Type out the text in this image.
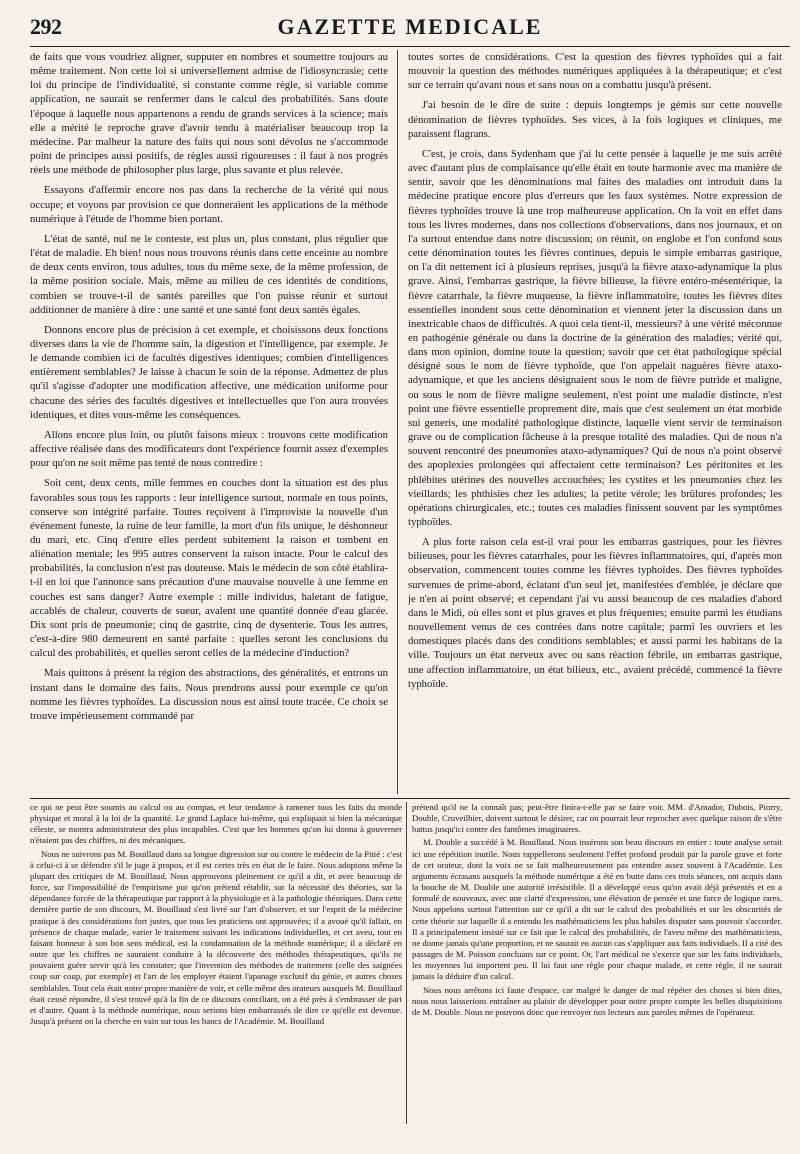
292	GAZETTE MEDICALE

de faits que vous voudriez aligner, supputer en nombres et soumettre toujours au même traitement. Non cette loi si universellement admise de l'idiosyncrasie; cette loi du principe de l'individualité, si constante comme règle, si variable comme application, ne saurait se renfermer dans le calcul des probabilités. Sans doute l'époque à laquelle nous appartenons a rendu de grands services à la science; mais elle a mérité le reproche grave d'avoir tendu à matérialiser beaucoup trop la médecine. Par malheur la nature des faits qui nous sont dévolus ne s'accommode point de principes aussi positifs, de règles aussi rigoureuses : il faut à nos progrès réels une méthode de philosopher plus large, plus savante et plus relevée.

Essayons d'affermir encore nos pas dans la recherche de la vérité qui nous occupe; et voyons par provision ce que donneraient les applications de la méthode numérique à l'étude de l'homme bien portant.

L'état de santé, nul ne le conteste, est plus un, plus constant, plus régulier que l'état de maladie. Eh bien! nous nous trouvons réunis dans cette enceinte au nombre de deux cents environ, tous adultes, tous du même sexe, de la même profession, de la même position sociale. Mais, même au milieu de ces identités de conditions, combien se trouve-t-il de santés pareilles que l'on puisse réunir et surtout additionner de manière à dire : une santé et une santé font deux santés égales.

Donnons encore plus de précision à cet exemple, et choisissons deux fonctions diverses dans la vie de l'homme sain, la digestion et l'intelligence, par exemple. Je le demande combien ici de facultés digestives identiques; combien d'intelligences entièrement semblables? Je laisse à chacun le soin de la réponse. Admettez de plus qu'il s'agisse d'adopter une modification affective, une médication uniforme pour chacune des séries des facultés digestives et intellectuelles que l'on aura trouvées identiques, et dites vous-même les conséquences.

Allons encore plus loin, ou plutôt faisons mieux : trouvons cette modification affective réalisée dans des modificateurs dont l'expérience fournit assez d'exemples pour qu'on ne soit même pas tenté de nous contredire :

Soit cent, deux cents, mille femmes en couches dont la situation est des plus favorables sous tous les rapports : leur intelligence surtout, normale en tous points, conserve son intégrité parfaite. Toutes reçoivent à l'improviste la nouvelle d'un événement funeste, la ruine de leur famille, la mort d'un fils unique, le déshonneur du mari, etc. Cinq d'entre elles perdent subitement la raison et tombent en aliénation mentale; les 995 autres conservent la raison intacte. Pour le calcul des probabilités, la conclusion n'est pas douteuse. Mais le médecin de son côté établira-t-il en loi que l'annonce sans précaution d'une mauvaise nouvelle à une femme en couches est sans danger? Autre exemple : mille individus, haletant de fatigue, accablés de chaleur, couverts de sueur, avalent une quantité donnée d'eau glacée. Dix sont pris de pneumonie; cinq de gastrite, cinq de dysenterie. Tous les autres, c'est-à-dire 980 demeurent en santé parfaite : quelles seront les conclusions du calcul des probabilités, et quelles seront celles de la médecine d'induction?

Mais quittons à présent la région des abstractions, des généralités, et entrons un instant dans le domaine des faits. Nous prendrons aussi pour exemple ce qu'on nomme les fièvres typhoïdes. La discussion nous est ainsi toute tracée. Ce choix se trouve impérieusement commandé par

toutes sortes de considérations. C'est la question des fièvres typhoïdes qui a fait mouvoir la question des méthodes numériques appliquées à la thérapeutique; et c'est sur ce terrain qu'avant nous et sans nous on a combattu jusqu'à présent.

J'ai besoin de le dire de suite : depuis longtemps je gémis sur cette nouvelle dénomination de fièvres typhoïdes. Ses vices, à la fois logiques et cliniques, me paraissent flagrans.

C'est, je crois, dans Sydenham que j'ai lu cette pensée à laquelle je me suis arrêté avec d'autant plus de complaisance qu'elle était en toute harmonie avec ma manière de sentir, savoir que les dénominations mal faites des maladies ont introduit dans la médecine pratique encore plus d'erreurs que les faux systèmes. Notre expression de fièvres typhoïdes trouve là une trop malheureuse application. On la voit en effet dans tous les livres modernes, dans nos collections d'observations, dans nos journaux, et on l'a surtout entendue dans notre discussion; on réunit, on englobe et l'on confond sous cette dénomination toutes les fièvres continues, depuis le simple embarras gastrique, on l'a dit nettement ici à plusieurs reprises, jusqu'à la fièvre ataxo-adynamique la plus grave. Ainsi, l'embarras gastrique, la fièvre bilieuse, la fièvre entéro-mésentérique, la fièvre catarrhale, la fièvre muqueuse, la fièvre inflammatoire, toutes les fièvres dites essentielles inondent sous cette dénomination et viennent jeter la discussion dans un inextricable chaos de difficultés. A quoi cela tient-il, messieurs? à une vérité méconnue en pathogénie générale ou dans la doctrine de la génération des maladies; vérité qui, dans mon opinion, domine toute la question; savoir que cet état pathologique spécial désigné sous le nom de fièvre typhoïde, que l'on appelait naguères fièvre ataxo-adynamique, et que les anciens désignaient sous le nom de fièvre putride et maligne, ou sous le nom de fièvre maligne seulement, n'est point une maladie distincte, n'est point une fièvre essentielle proprement dite, mais que c'est seulement un état morbide sui generis, une modalité pathologique distincte, laquelle vient servir de terminaison grave ou de complication fâcheuse à la presque totalité des maladies. Qui de nous n'a souvent rencontré des pneumonies ataxo-adynamiques? Qui de nous n'a point observé des apoplexies prolongées qui affectaient cette terminaison? Les péritonites et les phlébites utérines des nouvelles accouchées; les cystites et les pneumonies chez les vieillards; les phthisies chez les adultes; la petite vérole; les brûlures profondes; les opérations chirurgicales, etc.; toutes ces maladies finissent souvent par les symptômes typhoïdes.

A plus forte raison cela est-il vrai pour les embarras gastriques, pour les fièvres bilieuses, pour les fièvres catarrhales, pour les fièvres inflammatoires, qui, d'après mon observation, commencent toutes comme les fièvres typhoïdes. Des fièvres typhoïdes survenues de prime-abord, éclatant d'un seul jet, manifestées d'emblée, je déclare que je n'en ai point observé; et cependant j'ai vu aussi beaucoup de ces maladies d'abord dans le Midi, où elles sont et plus graves et plus fréquentes; ensuite parmi les étudians nouvellement venus de ces contrées dans notre capitale; parmi les ouvriers et les domestiques placés dans des conditions semblables; et aussi parmi les habitans de la ville. Toujours un état nerveux avec ou sans réaction fébrile, un embarras gastrique, une affection inflammatoire, un état bilieux, etc., avaient précédé, commencé la fièvre typhoïde.

ce qui ne peut être soumis au calcul ou au compas, et leur tendance à ramener tous les faits du monde physique et moral à la loi de la quantité. Le grand Laplace lui-même, qui expliquait si bien la mécanique céleste, se montra administrateur des plus incapables. C'est que les hommes qu'on lui donna à gouverner n'étaient pas des chiffres, ni des mécaniques.

Nous ne suivrons pas M. Bouillaud dans sa longue digression sur ou contre le médecin de la Pitié : c'est à celui-ci à se défendre s'il le juge à propos, et il est certes très en état de le faire. Nous adoptons même la plupart des critiques de M. Bouillaud. Nous approuvons pleinement ce qu'il a dit, et avec beaucoup de force, sur l'impossibilité de l'empirisme pur qu'on prétend rétablir, sur la nécessité des théories, sur la dépendance forcée de la thérapeutique par rapport à la physiologie et à la pathologie théoriques. Dans cette dernière partie de son discours, M. Bouillaud s'est livré sur l'art d'observer, et sur l'esprit de la médecine pratique à des considérations fort justes, que tous les praticiens ont approuvées; il a avoué qu'il fallait, en présence de chaque malade, varier le traitement suivant les indications individuelles, et cet aveu, tout en faisant honneur à son bon sens médical, est la condamnation de la méthode numérique; il a déclaré en outre que les chiffres ne sauraient conduire à la découverte des méthodes thérapeutiques, qu'ils ne pouvaient guère servir qu'à les constater; que l'invention des méthodes de traitement (celle des saignées coup sur coup, par exemple) et l'art de les employer étaient l'apanage exclusif du génie, et autres choses semblables. Tout cela était notre propre manière de voir, et celle même des orateurs auxquels M. Bouillaud était censé répondre, il s'est trouvé qu'à la fin de ce discours conciliant, on a été près à s'embrasser de part et d'autre. Quant à la méthode numérique, nous serions bien embarrassés de dire ce qu'elle est devenue. Jusqu'à présent on la cherche en vain sur tous les bancs de l'Académie. M. Bouillaud

prétend qu'il ne la connaît pas; peut-être finira-t-elle par se faire voir. MM. d'Amador, Dubois, Piorry, Double, Cruveilhier, doivent surtout le désirer, car on pourrait leur reprocher avec quelque raison de s'être battus jusqu'ici contre des fantômes imaginaires.

M. Double a succédé à M. Bouillaud. Nous insérons son beau discours en entier : toute analyse serait ici une répétition inutile. Nous rappellerons seulement l'effet profond produit par la parole grave et forte de cet orateur, dont la voix ne se fait malheureusement pas entendre assez souvent à l'Académie. Les arguments écrasans auxquels la méthode numérique a été en butte dans ces trois séances, ont acquis dans la bouche de M. Double une autorité irrésistible. Il a développé ceux qu'on avait déjà présentés et en a formulé de nouveaux, avec une clarté d'expression, une élévation de pensée et une force de logique rares. Nous appelons surtout l'attention sur ce qu'il a dit sur le calcul des probabilités et sur les obscurités de cette théorie sur laquelle il a entendu les mathématiciens les plus habiles disputer sans pouvoir s'accorder. Il a principalement insisté sur ce fait que le calcul des probabilités, de l'aveu même des mathématiciens, ne donne jamais qu'une proportion, et ne saurait en aucun cas s'appliquer aux faits individuels. Il a cité des passages de M. Poisson concluans sur ce point. Or, l'art médical ne s'exerce que sur les faits individuels, les moyennes lui importent peu. Il lui faut une règle pour chaque malade, et cette règle, il ne saurait jamais la déduire d'un calcul.

Nous nous arrêtons ici faute d'espace, car malgré le danger de mal répéter des choses si bien dites, nous nous laisserions entraîner au plaisir de développer pour notre propre compte les belles disquisitions de M. Double. Nous ne pouvons donc que renvoyer nos lecteurs aux paroles mêmes de l'opérateur.
